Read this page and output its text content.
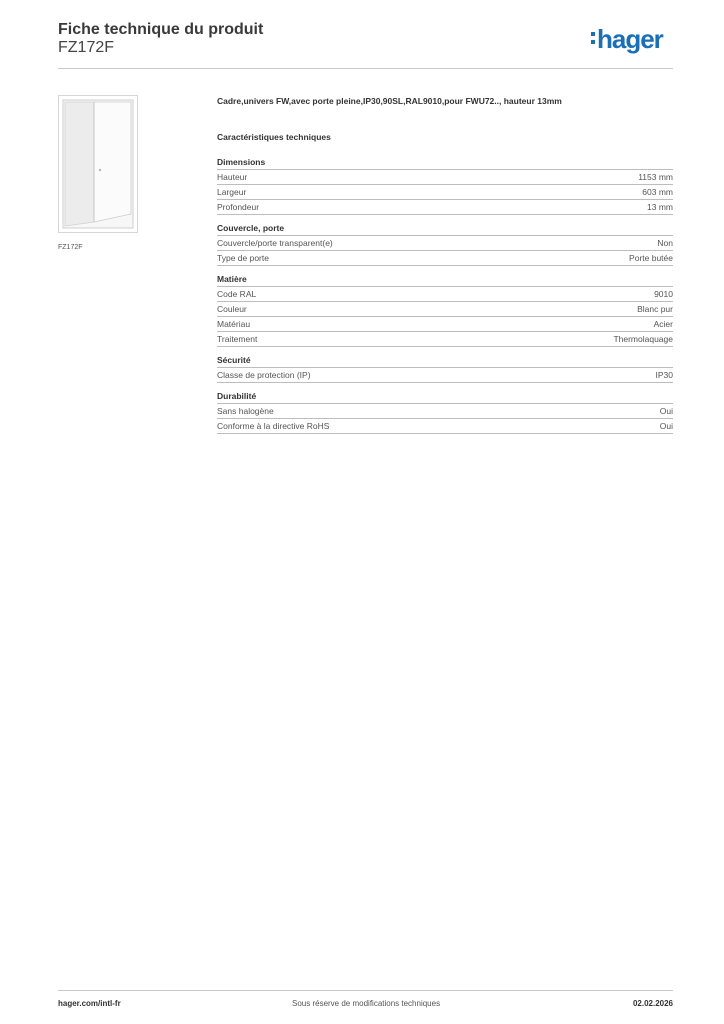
Fiche technique du produit
FZ172F	hager
FZ172F
Cadre,univers FW,avec porte pleine,IP30,90SL,RAL9010,pour FWU72.., hauteur 13mm
Caractéristiques techniques
Dimensions
Hauteur	1153 mm
Largeur	603 mm
Profondeur	13 mm
Couvercle, porte
Couvercle/porte transparent(e)	Non
Type de porte	Porte butée
Matière
Code RAL	9010
Couleur	Blanc pur
Matériau	Acier
Traitement	Thermolaquage
Sécurité
Classe de protection (IP)	IP30
Durabilité
Sans halogène	Oui
Conforme à la directive RoHS	Oui
hager.com/intl-fr	Sous réserve de modifications techniques	02.02.2026
